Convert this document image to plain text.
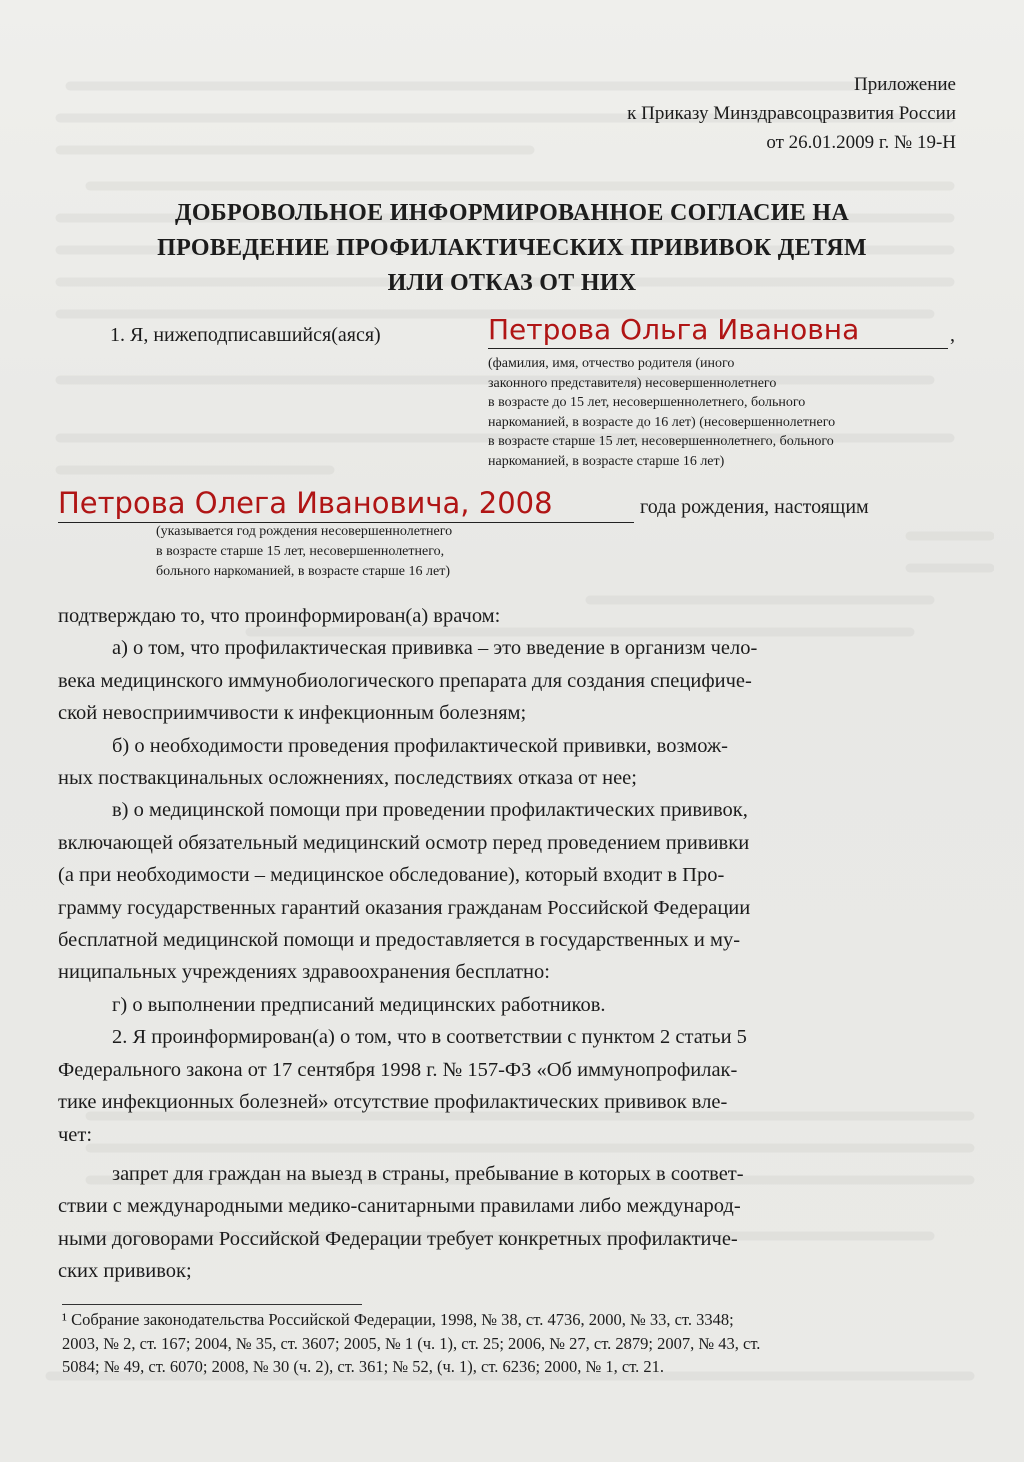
Приложение
к Приказу Минздравсоцразвития России
от 26.01.2009 г. № 19-Н
ДОБРОВОЛЬНОЕ ИНФОРМИРОВАННОЕ СОГЛАСИЕ НА
ПРОВЕДЕНИЕ ПРОФИЛАКТИЧЕСКИХ ПРИВИВОК ДЕТЯМ
ИЛИ ОТКАЗ ОТ НИХ
1. Я, нижеподписавшийся(аяся)	Петрова Ольга Ивановна	,
(фамилия, имя, отчество родителя (иного
законного представителя) несовершеннолетнего
в возрасте до 15 лет, несовершеннолетнего, больного
наркоманией, в возрасте до 16 лет) (несовершеннолетнего
в возрасте старше 15 лет, несовершеннолетнего, больного
наркоманией, в возрасте старше 16 лет)
Петрова Олега Ивановича, 2008	года рождения, настоящим
(указывается год рождения несовершеннолетнего
в возрасте старше 15 лет, несовершеннолетнего,
больного наркоманией, в возрасте старше 16 лет)
подтверждаю то, что проинформирован(а) врачом:
а) о том, что профилактическая прививка – это введение в организм чело-
века медицинского иммунобиологического препарата для создания специфиче-
ской невосприимчивости к инфекционным болезням;
б) о необходимости проведения профилактической прививки, возмож-
ных поствакцинальных осложнениях, последствиях отказа от нее;
в) о медицинской помощи при проведении профилактических прививок,
включающей обязательный медицинский осмотр перед проведением прививки
(а при необходимости – медицинское обследование), который входит в Про-
грамму государственных гарантий оказания гражданам Российской Федерации
бесплатной медицинской помощи и предоставляется в государственных и му-
ниципальных учреждениях здравоохранения бесплатно:
г) о выполнении предписаний медицинских работников.
2. Я проинформирован(а) о том, что в соответствии с пунктом 2 статьи 5
Федерального закона от 17 сентября 1998 г. № 157-ФЗ «Об иммунопрофилак-
тике инфекционных болезней» отсутствие профилактических прививок вле-
чет:
запрет для граждан на выезд в страны, пребывание в которых в соответ-
ствии с международными медико-санитарными правилами либо международ-
ными договорами Российской Федерации требует конкретных профилактиче-
ских прививок;
¹ Собрание законодательства Российской Федерации, 1998, № 38, ст. 4736, 2000, № 33, ст. 3348;
2003, № 2, ст. 167; 2004, № 35, ст. 3607; 2005, № 1 (ч. 1), ст. 25; 2006, № 27, ст. 2879; 2007, № 43, ст.
5084; № 49, ст. 6070; 2008, № 30 (ч. 2), ст. 361; № 52, (ч. 1), ст. 6236; 2000, № 1, ст. 21.
